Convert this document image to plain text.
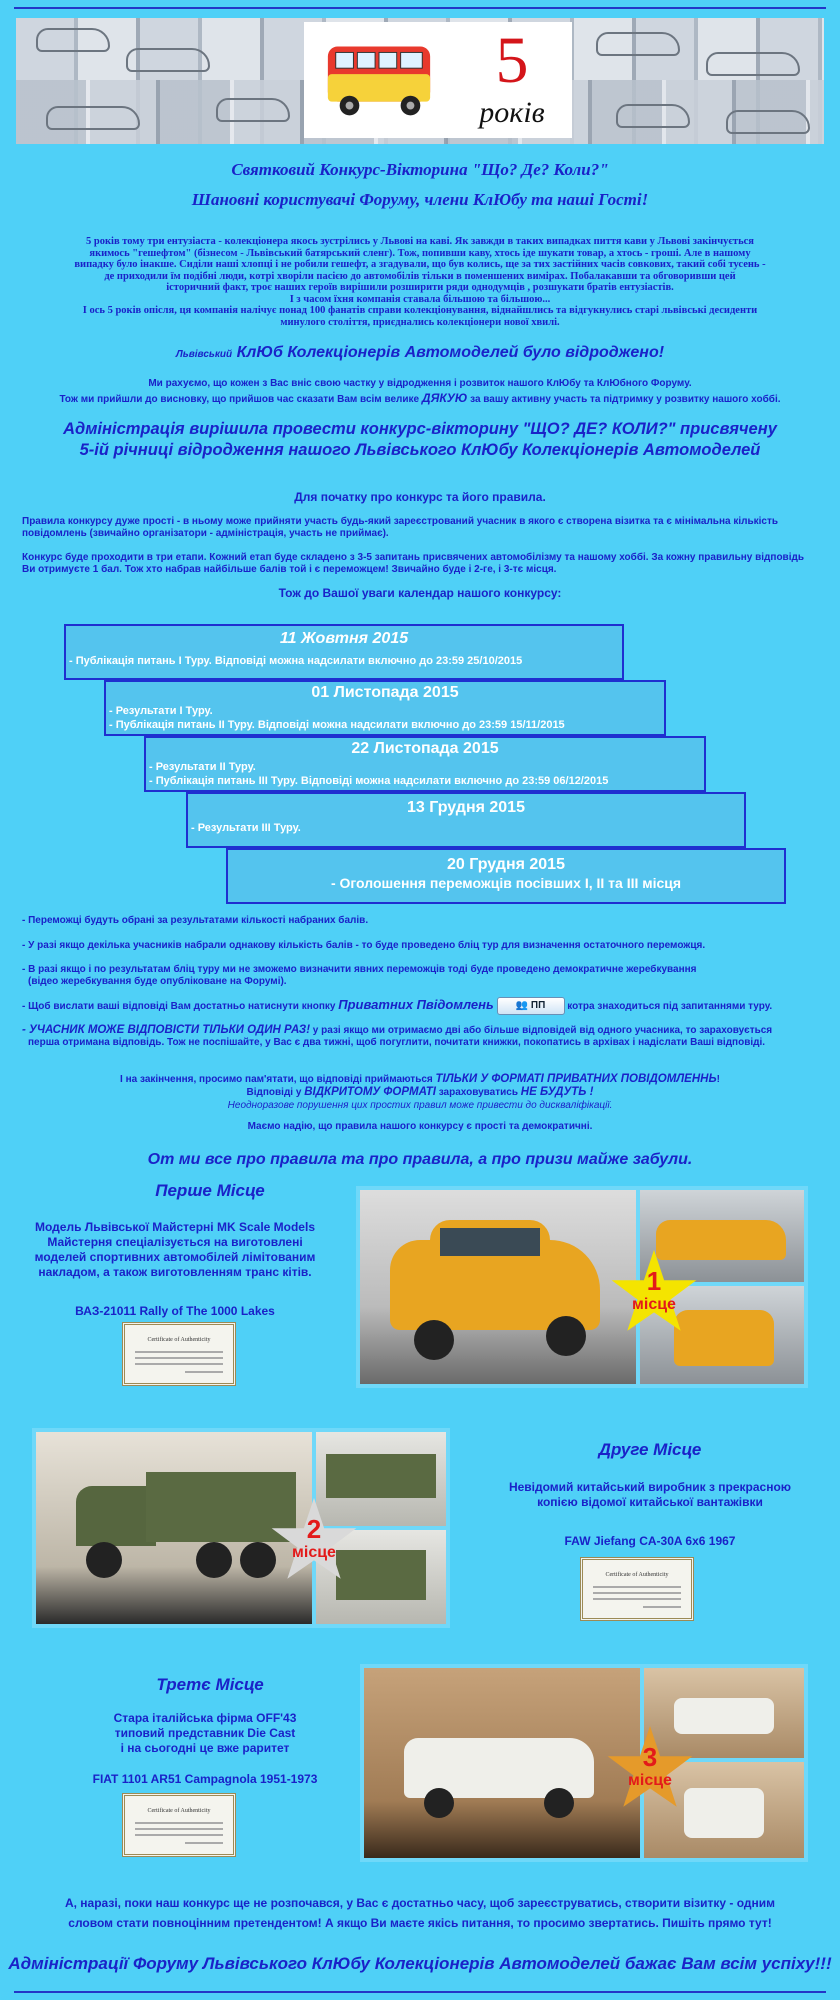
5
років
Святковий Конкурс-Вікторина "Що? Де? Коли?"
Шановні користувачі Форуму, члени КлЮбу та наші Гості!
5 років тому три ентузіаста - колекціонера якось зустрілись у Львові на каві. Як завжди в таких випадках пиття кави у Львові закінчується
якимось "гешефтом" (бізнесом - Львівський батярський сленг). Тож, попивши каву, хтось іде шукати товар, а хтось - гроші. Але в нашому
випадку було інакше. Сиділи наші хлопці і не робили гешефт, а згадували, що був колись, ще за тих застійних часів совкових, такий собі тусень -
де приходили їм подібні люди, котрі хворіли пасією до автомобілів тільки в поменшених вимірах. Побалакавши та обговоривши цей
історичний факт, троє наших героїв вирішили розширити ряди однодумців , розшукати братів ентузіастів.
І з часом їхня компанія ставала більшою та більшою...
І ось 5 років опісля, ця компанія налічує понад 100 фанатів справи колекціонування, віднайшлись та відгукнулись старі львівські десиденти
минулого століття, приєднались колекціонери нової хвилі.
Львівський КлЮб Колекціонерів Автомоделей було відроджено!
Ми рахуємо, що кожен з Вас вніс свою частку у відродження і розвиток нашого КлЮбу та КлЮбного Форуму.
Тож ми прийшли до висновку, що прийшов час сказати Вам всім велике ДЯКУЮ за вашу активну участь та підтримку у розвитку нашого хоббі.
Адміністрація вирішила провести конкурс-вікторину "ЩО? ДЕ? КОЛИ?" присвячену
5-ій річниці відродження нашого Львівського КлЮбу Колекціонерів Автомоделей
Для початку про конкурс та його правила.
Правила конкурсу дуже прості - в ньому може прийняти участь будь-який зареєстрований учасник в якого є створена візитка та є мінімальна кількість
повідомлень (звичайно організатори - адміністрація, участь не приймає).
Конкурс буде проходити в три етапи. Кожний етап буде складено з 3-5 запитань присвячених автомобілізму та нашому хоббі. За кожну правильну відповідь
Ви отримуєте 1 бал. Тож хто набрав найбільше балів той і є переможцем! Звичайно буде і 2-ге, і 3-тє місця.
Тож до Вашої уваги календар нашого конкурсу:
11 Жовтня 2015
- Публікація питань І Туру. Відповіді можна надсилати включно до 23:59 25/10/2015
01 Листопада 2015
- Результати І Туру.
- Публікація питань ІІ Туру. Відповіді можна надсилати включно до 23:59 15/11/2015
22 Листопада 2015
- Результати ІІ Туру.
- Публікація питань ІІІ Туру. Відповіді можна надсилати включно до 23:59 06/12/2015
13 Грудня 2015
- Результати ІІІ Туру.
20 Грудня 2015
- Оголошення переможців посівших І, ІІ та ІІІ місця
- Переможці будуть обрані за результатами кількості набраних балів.
- У разі якщо декілька учасників набрали однакову кількість балів - то буде проведено бліц тур для визначення остаточного переможця.
- В разі якщо і по результатам бліц туру ми не зможемо визначити явних переможців тоді буде проведено демократичне жеребкування
(відео жеребкування буде опубліковане на Форумі).
- Щоб вислати ваші відповіді Вам достатньо натиснути кнопку Приватних Пвідомлень 👥 ПП котра знаходиться під запитаннями туру.
- УЧАСНИК МОЖЕ ВІДПОВІСТИ ТІЛЬКИ ОДИН РАЗ! у разі якщо ми отримаємо дві або більше відповідей від одного учасника, то зараховується
перша отримана відповідь. Тож не поспішайте, у Вас є два тижні, щоб погуглити, почитати книжки, покопатись в архівах і надіслати Ваші відповіді.
І на закінчення, просимо пам'ятати, що відповіді приймаються ТІЛЬКИ У ФОРМАТІ ПРИВАТНИХ ПОВІДОМЛЕННЬ!
Відповіді у ВІДКРИТОМУ ФОРМАТІ зараховуватись НЕ БУДУТЬ !
Неодноразове порушення цих простих правил може привести до дискваліфікації.
Маємо надію, що правила нашого конкурсу є прості та демократичні.
От ми все про правила та про правила, а про призи майже забули.
Перше Місце
Модель Львівської Майстерні MK Scale Models
Майстерня спеціалізується на виготовлені
моделей спортивних автомобілей лімітованим
накладом, а також виготовленням транс кітів.
ВАЗ-21011 Rally of The 1000 Lakes
Certificate of Authenticity
1
місце
2
місце
Друге Місце
Невідомий китайський виробник з прекрасною
копією відомої китайської вантажівки
FAW Jiefang CA-30A 6x6 1967
Certificate of Authenticity
Третє Місце
Стара італійська фірма OFF'43
типовий представник Die Cast
і на сьогодні це вже раритет
FIAT 1101 AR51 Campagnola 1951-1973
Certificate of Authenticity
3
місце
А, наразі, поки наш конкурс ще не розпочався, у Вас є достатньо часу, щоб зареєструватись, створити візитку - одним
словом стати повноцінним претендентом! А якщо Ви маєте якісь питання, то просимо звертатись. Пишіть прямо тут!
Адміністрації Форуму Львівського КлЮбу Колекціонерів Автомоделей бажає Вам всім успіху!!!
